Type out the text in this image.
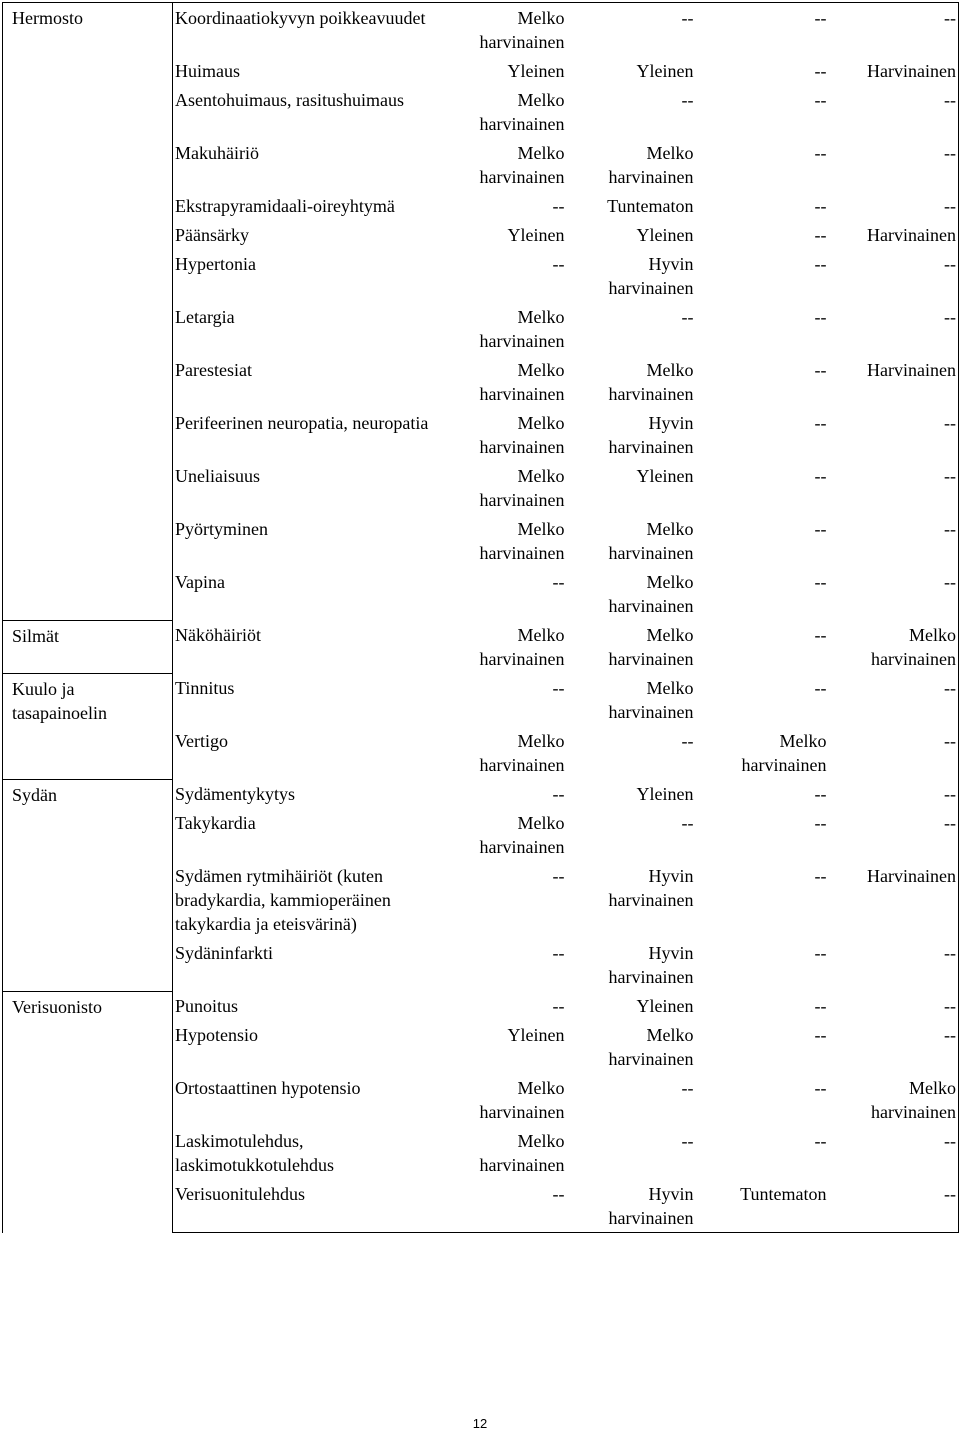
Hermosto	Koordinaatiokyvyn poikkeavuudet	Melko harvinainen	--	--	--
	Huimaus	Yleinen	Yleinen	--	Harvinainen
	Asentohuimaus, rasitushuimaus	Melko harvinainen	--	--	--
	Makuhäiriö	Melko harvinainen	Melko harvinainen	--	--
	Ekstrapyramidaali-oireyhtymä	--	Tuntematon	--	--
	Päänsärky	Yleinen	Yleinen	--	Harvinainen
	Hypertonia	--	Hyvin harvinainen	--	--
	Letargia	Melko harvinainen	--	--	--
	Parestesiat	Melko harvinainen	Melko harvinainen	--	Harvinainen
	Perifeerinen neuropatia, neuropatia	Melko harvinainen	Hyvin harvinainen	--	--
	Uneliaisuus	Melko harvinainen	Yleinen	--	--
	Pyörtyminen	Melko harvinainen	Melko harvinainen	--	--
	Vapina	--	Melko harvinainen	--	--
Silmät	Näköhäiriöt	Melko harvinainen	Melko harvinainen	--	Melko harvinainen
Kuulo ja tasapainoelin	Tinnitus	--	Melko harvinainen	--	--
	Vertigo	Melko harvinainen	--	Melko harvinainen	--
Sydän	Sydämentykytys	--	Yleinen	--	--
	Takykardia	Melko harvinainen	--	--	--
	Sydämen rytmihäiriöt (kuten bradykardia, kammioperäinen takykardia ja eteisvärinä)	--	Hyvin harvinainen	--	Harvinainen
	Sydäninfarkti	--	Hyvin harvinainen	--	--
Verisuonisto	Punoitus	--	Yleinen	--	--
	Hypotensio	Yleinen	Melko harvinainen	--	--
	Ortostaattinen hypotensio	Melko harvinainen	--	--	Melko harvinainen
	Laskimotulehdus, laskimotukkotulehdus	Melko harvinainen	--	--	--
	Verisuonitulehdus	--	Hyvin harvinainen	Tuntematon	--
12
